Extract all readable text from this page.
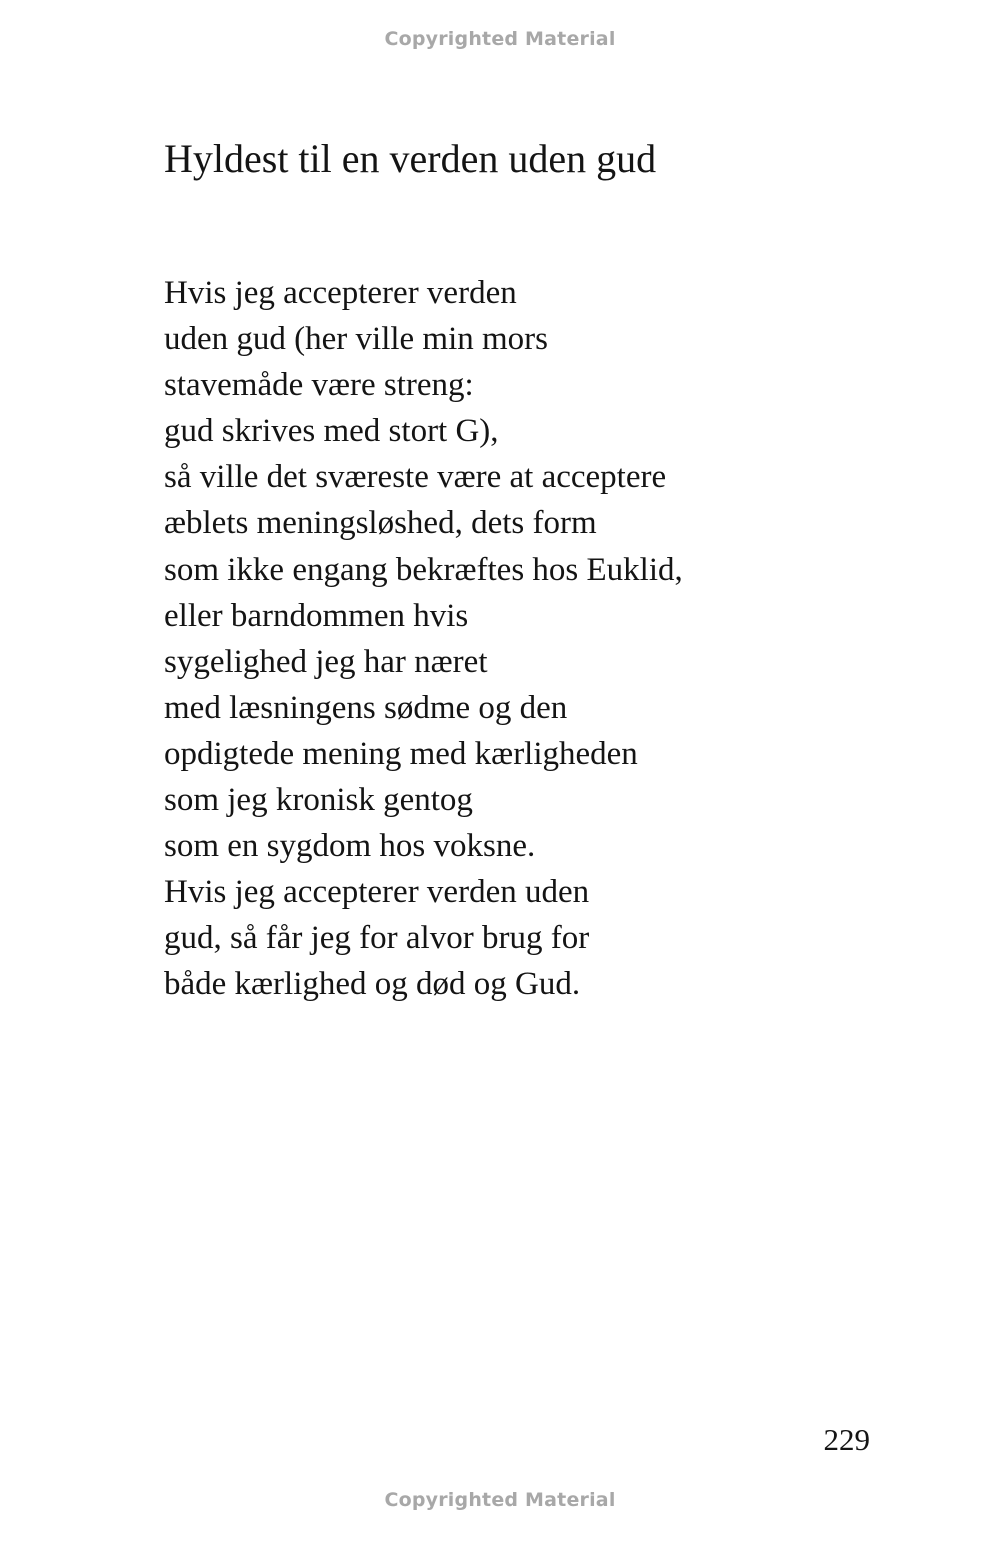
Copyrighted Material
Hyldest til en verden uden gud
Hvis jeg accepterer verden
uden gud (her ville min mors
stavemåde være streng:
gud skrives med stort G),
så ville det sværeste være at acceptere
æblets meningsløshed, dets form
som ikke engang bekræftes hos Euklid,
eller barndommen hvis
sygelighed jeg har næret
med læsningens sødme og den
opdigtede mening med kærligheden
som jeg kronisk gentog
som en sygdom hos voksne.
Hvis jeg accepterer verden uden
gud, så får jeg for alvor brug for
både kærlighed og død og Gud.
229
Copyrighted Material
